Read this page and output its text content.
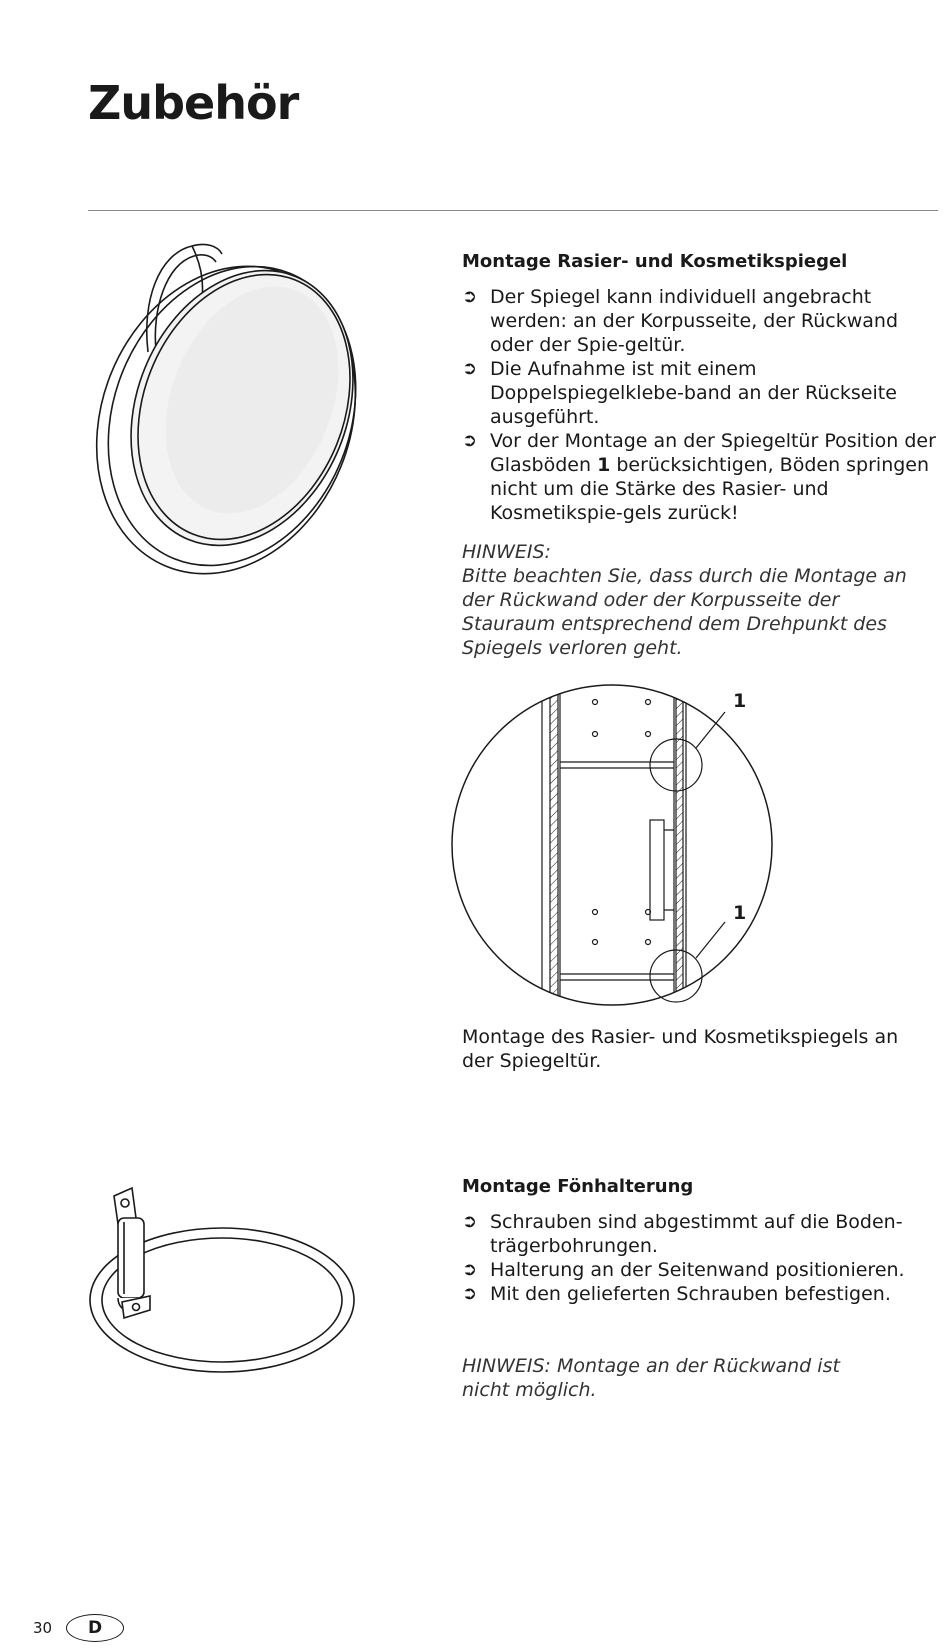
Zubehör
Montage Rasier- und Kosmetikspiegel
➲ Der Spiegel kann individuell angebracht werden: an der Korpusseite, der Rückwand oder der Spie-geltür.
➲ Die Aufnahme ist mit einem Doppelspiegelklebe-band an der Rückseite ausgeführt.
➲ Vor der Montage an der Spiegeltür Position der Glasböden 1 berücksichtigen, Böden springen nicht um die Stärke des Rasier- und Kosmetikspie-gels zurück!

HINWEIS:
Bitte beachten Sie, dass durch die Montage an der Rückwand oder der Korpusseite der Stauraum entsprechend dem Drehpunkt des Spiegels verloren geht.

1
1

Montage des Rasier- und Kosmetikspiegels an der Spiegeltür.

Montage Fönhalterung
➲ Schrauben sind abgestimmt auf die Boden-trägerbohrungen.
➲ Halterung an der Seitenwand positionieren.
➲ Mit den gelieferten Schrauben befestigen.

HINWEIS: Montage an der Rückwand ist nicht möglich.

30	D
